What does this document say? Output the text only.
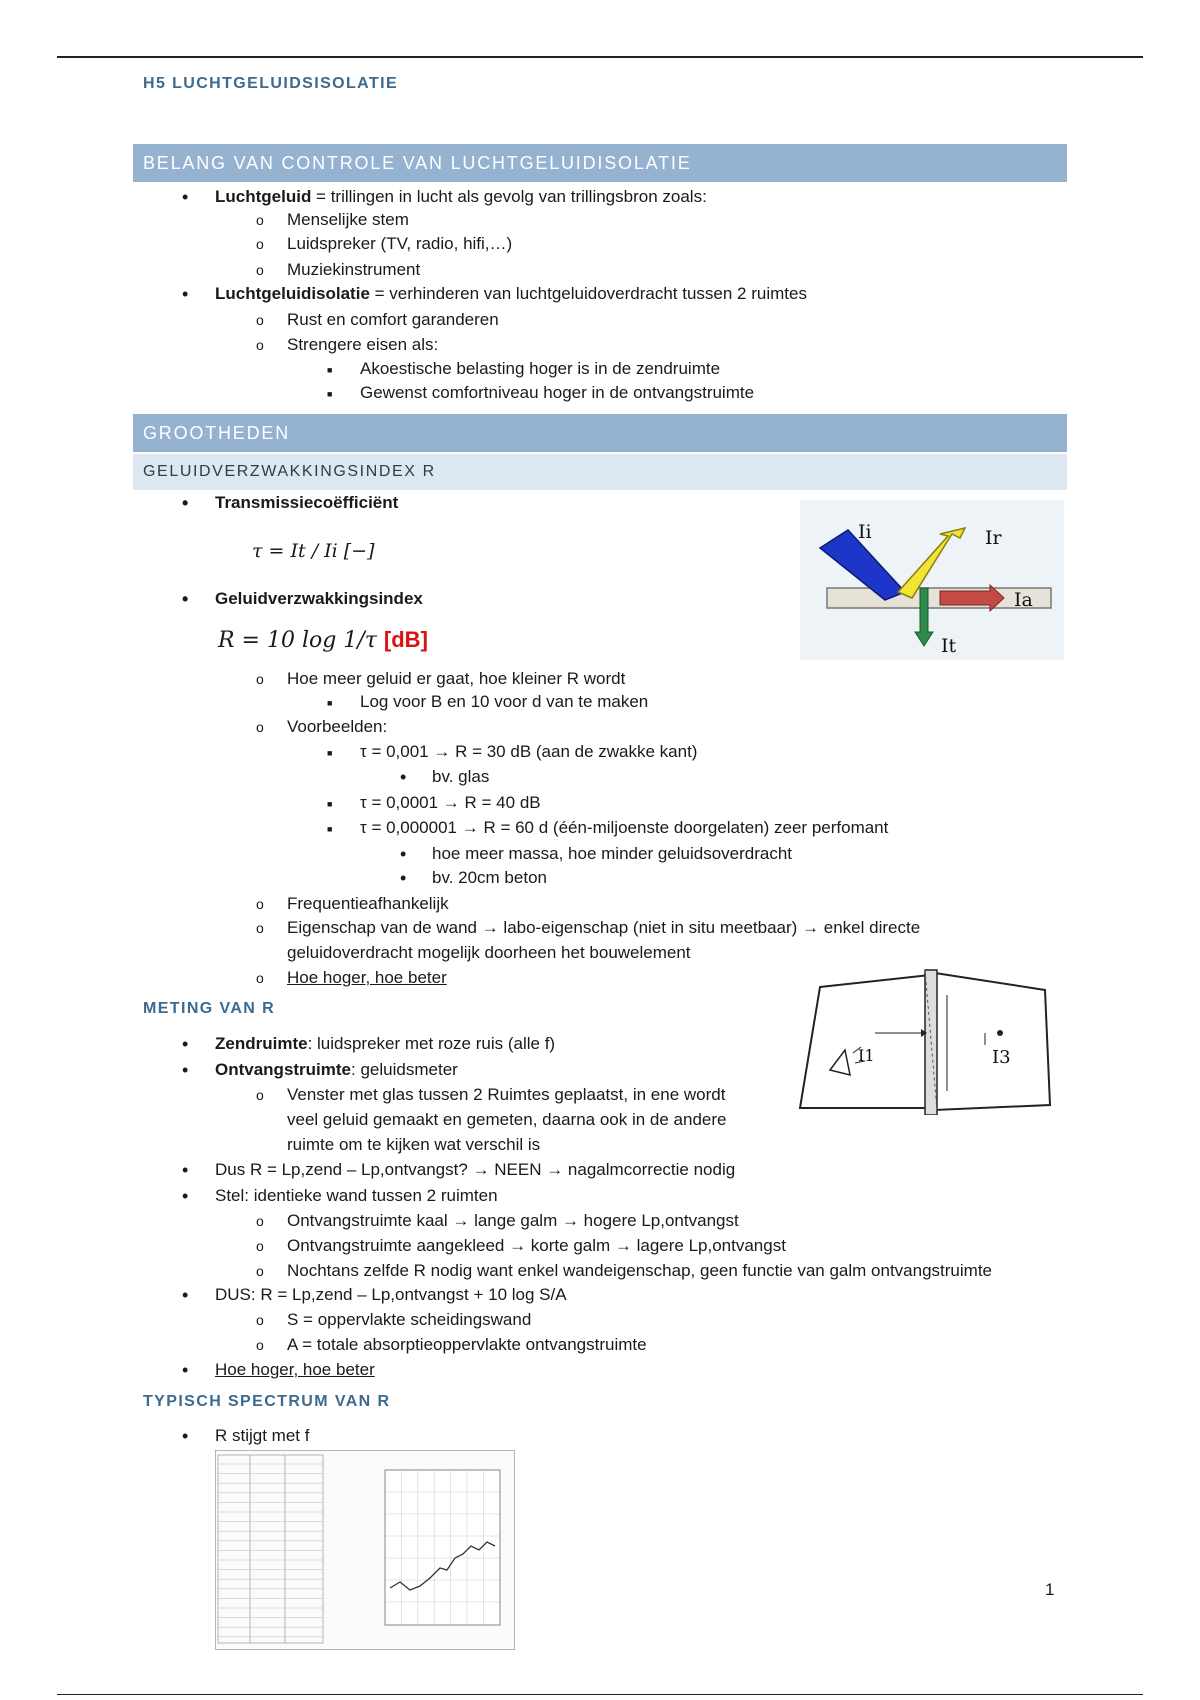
H5 LUCHTGELUIDSISOLATIE
BELANG VAN CONTROLE VAN LUCHTGELUIDISOLATIE
• Luchtgeluid = trillingen in lucht als gevolg van trillingsbron zoals:
o Menselijke stem
o Luidspreker (TV, radio, hifi,…)
o Muziekinstrument
• Luchtgeluidisolatie = verhinderen van luchtgeluidoverdracht tussen 2 ruimtes
o Rust en comfort garanderen
o Strengere eisen als:
■ Akoestische belasting hoger is in de zendruimte
■ Gewenst comfortniveau hoger in de ontvangstruimte
GROOTHEDEN
GELUIDVERZWAKKINGSINDEX R
• Transmissiecoëfficiënt
τ = It / Ii [−]
• Geluidverzwakkingsindex
R = 10 log 1/τ [dB]
Ii	Ir
Ia
It
o Hoe meer geluid er gaat, hoe kleiner R wordt
■ Log voor B en 10 voor d van te maken
o Voorbeelden:
■ τ = 0,001 → R = 30 dB (aan de zwakke kant)
• bv. glas
■ τ = 0,0001 → R = 40 dB
■ τ = 0,000001 → R = 60 d (één-miljoenste doorgelaten) zeer perfomant
• hoe meer massa, hoe minder geluidsoverdracht
• bv. 20cm beton
o Frequentieafhankelijk
o Eigenschap van de wand → labo-eigenschap (niet in situ meetbaar) → enkel directe
geluidoverdracht mogelijk doorheen het bouwelement
o Hoe hoger, hoe beter
METING VAN R
I1	I3
• Zendruimte: luidspreker met roze ruis (alle f)
• Ontvangstruimte: geluidsmeter
o Venster met glas tussen 2 Ruimtes geplaatst, in ene wordt
veel geluid gemaakt en gemeten, daarna ook in de andere
ruimte om te kijken wat verschil is
• Dus R = Lp,zend – Lp,ontvangst? → NEEN → nagalmcorrectie nodig
• Stel: identieke wand tussen 2 ruimten
o Ontvangstruimte kaal → lange galm → hogere Lp,ontvangst
o Ontvangstruimte aangekleed → korte galm → lagere Lp,ontvangst
o Nochtans zelfde R nodig want enkel wandeigenschap, geen functie van galm ontvangstruimte
• DUS: R = Lp,zend – Lp,ontvangst + 10 log S/A
o S = oppervlakte scheidingswand
o A = totale absorptieoppervlakte ontvangstruimte
• Hoe hoger, hoe beter
TYPISCH SPECTRUM VAN R
• R stijgt met f
1
